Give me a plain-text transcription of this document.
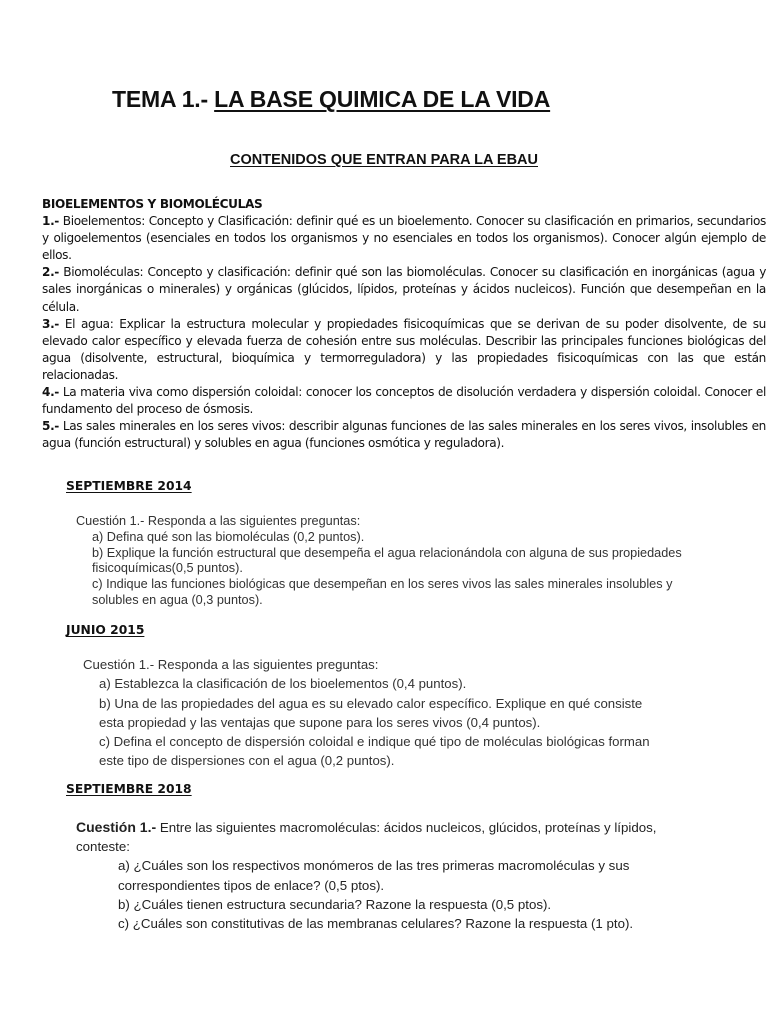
TEMA 1.- LA BASE QUIMICA DE LA VIDA
CONTENIDOS QUE ENTRAN PARA LA EBAU

BIOELEMENTOS Y BIOMOLÉCULAS

1.- Bioelementos: Concepto y Clasificación: definir qué es un bioelemento. Conocer su clasificación en primarios, secundarios y oligoelementos (esenciales en todos los organismos y no esenciales en todos los organismos). Conocer algún ejemplo de ellos.

2.- Biomoléculas: Concepto y clasificación: definir qué son las biomoléculas. Conocer su clasificación en inorgánicas (agua y sales inorgánicas o minerales) y orgánicas (glúcidos, lípidos, proteínas y ácidos nucleicos). Función que desempeñan en la célula.

3.- El agua: Explicar la estructura molecular y propiedades fisicoquímicas que se derivan de su poder disolvente, de su elevado calor específico y elevada fuerza de cohesión entre sus moléculas. Describir las principales funciones biológicas del agua (disolvente, estructural, bioquímica y termorreguladora) y las propiedades fisicoquímicas con las que están relacionadas.

4.- La materia viva como dispersión coloidal: conocer los conceptos de disolución verdadera y dispersión coloidal. Conocer el fundamento del proceso de ósmosis.

5.- Las sales minerales en los seres vivos: describir algunas funciones de las sales minerales en los seres vivos, insolubles en agua (función estructural) y solubles en agua (funciones osmótica y reguladora).

SEPTIEMBRE 2014
Cuestión 1.- Responda a las siguientes preguntas:
a) Defina qué son las biomoléculas (0,2 puntos).
b) Explique la función estructural que desempeña el agua relacionándola con alguna de sus propiedades
fisicoquímicas(0,5 puntos).
c) Indique las funciones biológicas que desempeñan en los seres vivos las sales minerales insolubles y
solubles en agua (0,3 puntos).
JUNIO 2015
Cuestión 1.- Responda a las siguientes preguntas:
a) Establezca la clasificación de los bioelementos (0,4 puntos).
b) Una de las propiedades del agua es su elevado calor específico. Explique en qué consiste
esta propiedad y las ventajas que supone para los seres vivos (0,4 puntos).
c) Defina el concepto de dispersión coloidal e indique qué tipo de moléculas biológicas forman
este tipo de dispersiones con el agua (0,2 puntos).
SEPTIEMBRE 2018
Cuestión 1.- Entre las siguientes macromoléculas: ácidos nucleicos, glúcidos, proteínas y lípidos,
conteste:
a) ¿Cuáles son los respectivos monómeros de las tres primeras macromoléculas y sus
correspondientes tipos de enlace? (0,5 ptos).
b) ¿Cuáles tienen estructura secundaria? Razone la respuesta (0,5 ptos).
c) ¿Cuáles son constitutivas de las membranas celulares? Razone la respuesta (1 pto).
